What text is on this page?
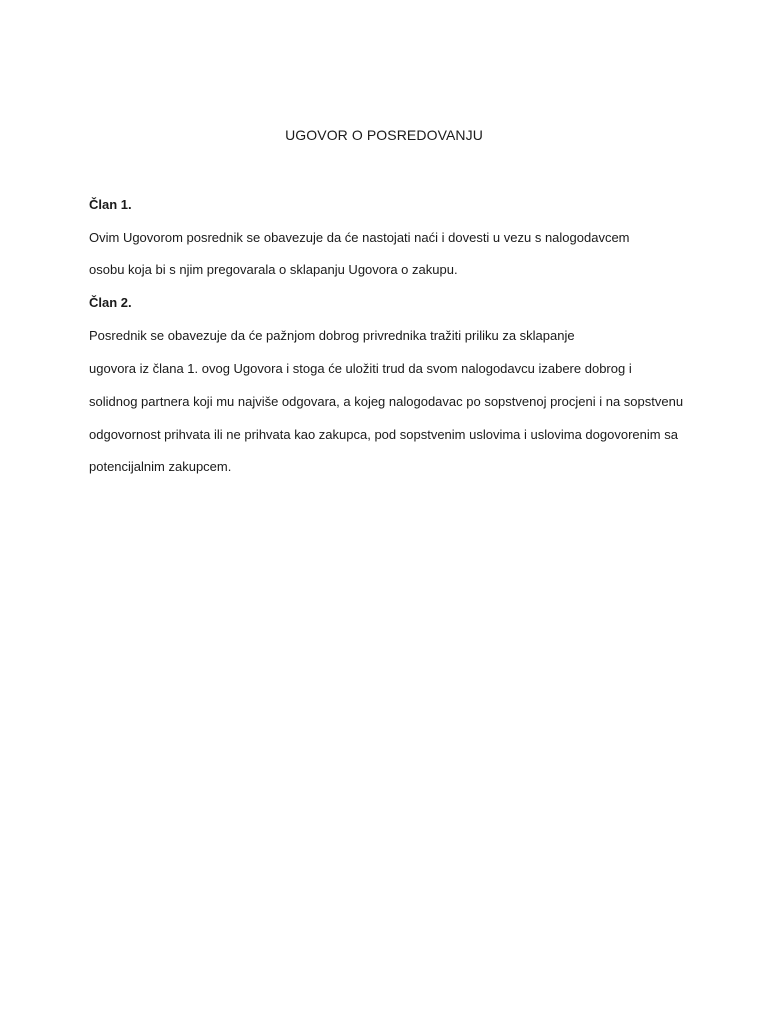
UGOVOR O POSREDOVANJU
Član 1.
Ovim Ugovorom posrednik se obavezuje da će nastojati naći i dovesti u vezu s nalogodavcem
osobu koja bi s njim pregovarala o sklapanju Ugovora o zakupu.
Član 2.
Posrednik se obavezuje da će pažnjom dobrog privrednika tražiti priliku za sklapanje
ugovora iz člana 1. ovog Ugovora i stoga će uložiti trud da svom nalogodavcu izabere dobrog i
solidnog partnera koji mu najviše odgovara, a kojeg nalogodavac po sopstvenoj procjeni i na sopstvenu
odgovornost prihvata ili ne prihvata kao zakupca, pod sopstvenim uslovima i uslovima dogovorenim sa
potencijalnim zakupcem.
